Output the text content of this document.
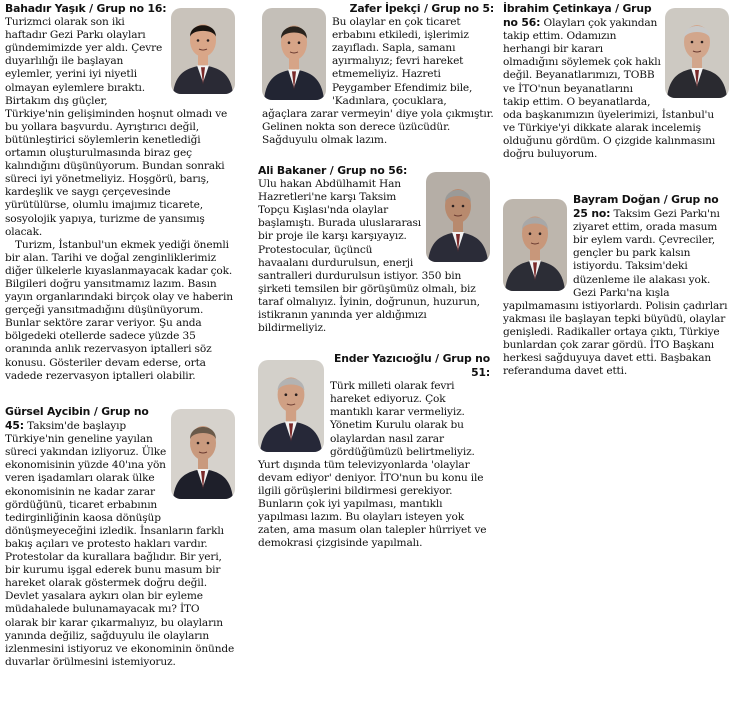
Bahadır Yaşık / Grup no 16: Turizmci olarak son iki haftadır Gezi Parkı olayları gündemimizde yer aldı. Çevre duyarlılığı ile başlayan eylemler, yerini iyi niyetli olmayan eylemlere bıraktı. Birtakım dış güçler, Türkiye'nin gelişiminden hoşnut olmadı ve bu yollara başvurdu. Ayrıştırıcı değil, bütünleştirici söylemlerin kenetlediği ortamın oluşturulmasında biraz geç kalındığını düşünüyorum. Bundan sonraki süreci iyi yönetmeliyiz. Hoşgörü, barış, kardeşlik ve saygı çerçevesinde yürütülürse, olumlu imajımız ticarete, sosyolojik yapıya, turizme de yansımış olacak.

Turizm, İstanbul'un ekmek yediği önemli bir alan. Tarihi ve doğal zenginliklerimiz diğer ülkelerle kıyaslanmayacak kadar çok. Bilgileri doğru yansıtmamız lazım. Basın yayın organlarındaki birçok olay ve haberin gerçeği yansıtmadığını düşünüyorum. Bunlar sektöre zarar veriyor. Şu anda bölgedeki otellerde sadece yüzde 35 oranında anlık rezervasyon iptalleri söz konusu. Gösteriler devam ederse, orta vadede rezervasyon iptalleri olabilir.

Gürsel Aycibin / Grup no 45: Taksim'de başlayıp Türkiye'nin geneline yayılan süreci yakından izliyoruz. Ülke ekonomisinin yüzde 40'ına yön veren işadamları olarak ülke ekonomisinin ne kadar zarar gördüğünü, ticaret erbabının tedirginliğinin kaosa dönüşüp dönüşmeyeceğini izledik. İnsanların farklı bakış açıları ve protesto hakları vardır. Protestolar da kurallara bağlıdır. Bir yeri, bir kurumu işgal ederek bunu masum bir hareket olarak göstermek doğru değil. Devlet yasalara aykırı olan bir eyleme müdahalede bulunamayacak mı? İTO olarak bir karar çıkarmalıyız, bu olayların yanında değiliz, sağduyulu ile olayların izlenmesini istiyoruz ve ekonominin önünde duvarlar örülmesini istemiyoruz.

Zafer İpekçi / Grup no 5:

Bu olaylar en çok ticaret erbabını etkiledi, işlerimiz zayıfladı. Sapla, samanı ayırmalıyız; fevri hareket etmemeliyiz. Hazreti Peygamber Efendimiz bile, 'Kadınlara, çocuklara, ağaçlara zarar vermeyin' diye yola çıkmıştır. Gelinen nokta son derece üzücüdür. Sağduyulu olmak lazım.

Ali Bakaner / Grup no 56:

Ulu hakan Abdülhamit Han Hazretleri'ne karşı Taksim Topçu Kışlası'nda olaylar başlamıştı. Burada uluslararası bir proje ile karşı karşıyayız. Protestocular, üçüncü havaalanı durdurulsun, enerji santralleri durdurulsun istiyor. 350 bin şirketi temsilen bir görüşümüz olmalı, biz taraf olmalıyız. İyinin, doğrunun, huzurun, istikranın yanında yer aldığımızı bildirmeliyiz.

Ender Yazıcıoğlu / Grup no 51:

Türk milleti olarak fevri hareket ediyoruz. Çok mantıklı karar vermeliyiz. Yönetim Kurulu olarak bu olaylardan nasıl zarar gördüğümüzü belirtmeliyiz. Yurt dışında tüm televizyonlarda 'olaylar devam ediyor' deniyor. İTO'nun bu konu ile ilgili görüşlerini bildirmesi gerekiyor. Bunların çok iyi yapılması, mantıklı yapılması lazım. Bu olayları isteyen yok zaten, ama masum olan talepler hürriyet ve demokrasi çizgisinde yapılmalı.

İbrahim Çetinkaya / Grup no 56: Olayları çok yakından takip ettim. Odamızın herhangi bir kararı olmadığını söylemek çok haklı değil. Beyanatlarımızı, TOBB ve İTO'nun beyanatlarını takip ettim. O beyanatlarda, oda başkanımızın üyelerimizi, İstanbul'u ve Türkiye'yi dikkate alarak incelemiş olduğunu gördüm. O çizgide kalınmasını doğru buluyorum.

Bayram Doğan / Grup no 25 no: Taksim Gezi Parkı'nı ziyaret ettim, orada masum bir eylem vardı. Çevreciler, gençler bu park kalsın istiyordu. Taksim'deki düzenleme ile alakası yok. Gezi Parkı'na kışla yapılmamasını istiyorlardı. Polisin çadırları yakması ile başlayan tepki büyüdü, olaylar genişledi. Radikaller ortaya çıktı, Türkiye bunlardan çok zarar gördü. İTO Başkanı herkesi sağduyuya davet etti. Başbakan referanduma davet etti.
